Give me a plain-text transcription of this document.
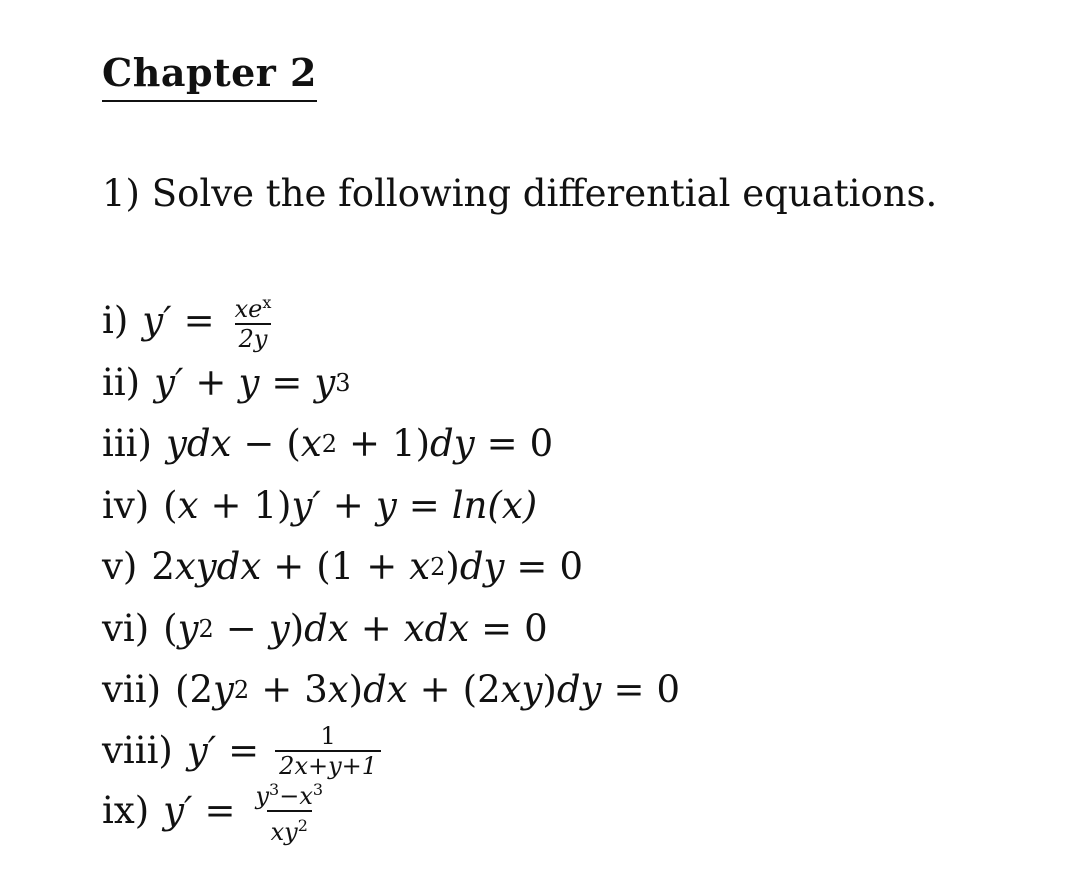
Chapter 2
1) Solve the following differential equations.
i) $y' = \frac{xe^x}{2y}$
ii) y′ + y = y 3
iii) ydx − ( x 2 + 1 ) dy = 0
iv) ( x + 1 ) y′ + y = ln(x)
v) 2 xydx + ( 1 + x 2 ) dy = 0
vi) ( y 2 − y ) dx + xdx = 0
vii) ( 2 y 2 + 3 x ) dx + ( 2 xy ) dy = 0
viii) $y' = \frac{1}{2x+y+1}$
ix) $y' = \frac{y^3-x^3}{xy^2}$
